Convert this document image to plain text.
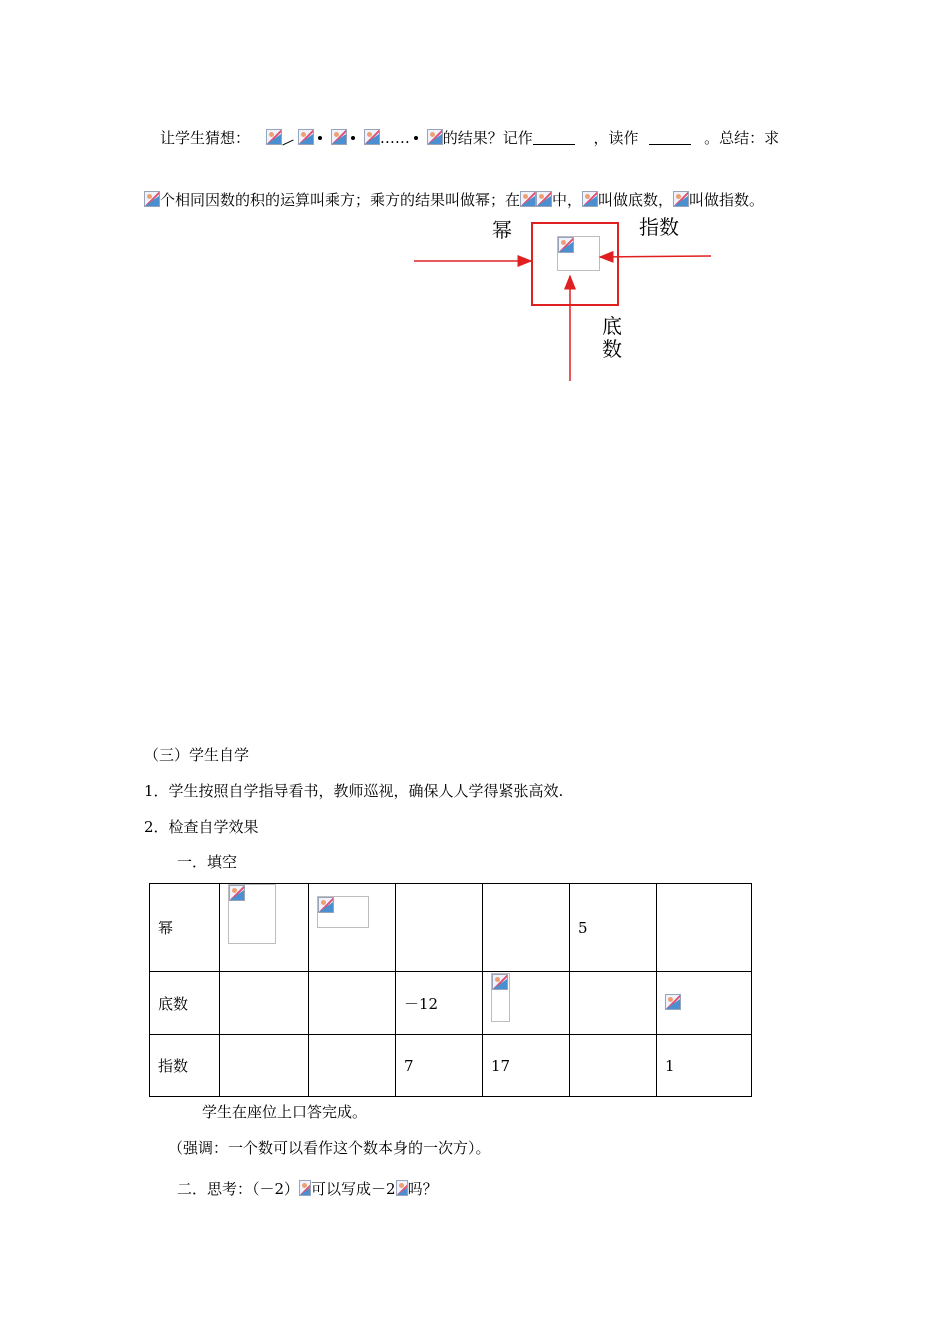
让学生猜想：

	…… 的结果？记作	，读作	。总结：求
个相同因数的积的运算叫乘方；乘方的结果叫做幂；在 中， 叫做底数， 叫做指数。
幂	指数
底
数
（三）学生自学
1．学生按照自学指导看书，教师巡视，确保人人学得紧张高效.
2．检查自学效果
一．填空
幂					5	
底数			－12	

指数			7	17		1
学生在座位上口答完成。
（强调：一个数可以看作这个数本身的一次方）。
二．思考：（－2） 可以写成－2 吗？
